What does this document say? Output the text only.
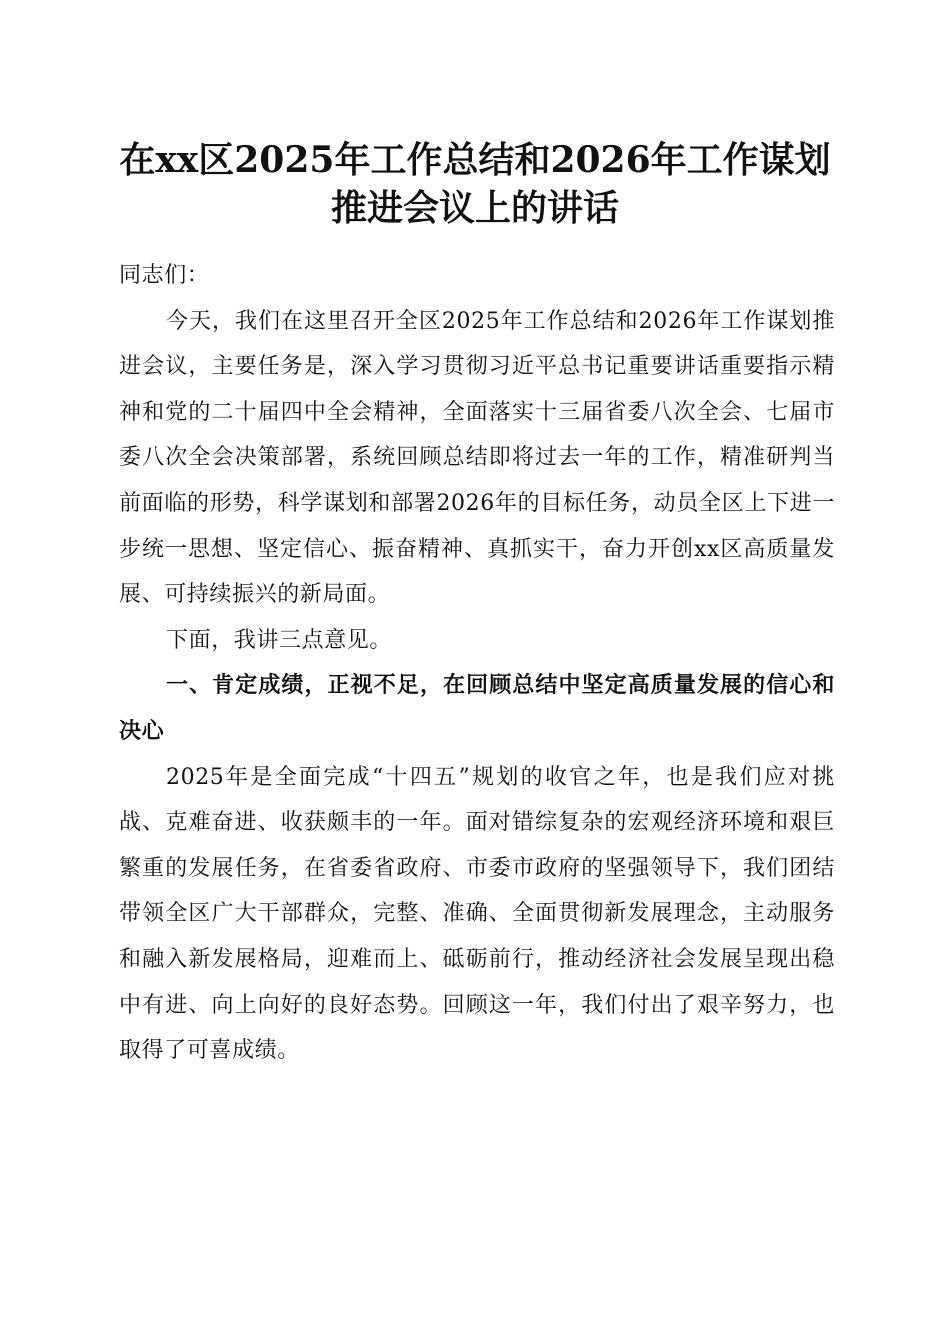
在xx区2025年工作总结和2026年工作谋划
推进会议上的讲话

同志们：

今天，我们在这里召开全区2025年工作总结和2026年工作谋划推进会议，主要任务是，深入学习贯彻习近平总书记重要讲话重要指示精神和党的二十届四中全会精神，全面落实十三届省委八次全会、七届市委八次全会决策部署，系统回顾总结即将过去一年的工作，精准研判当前面临的形势，科学谋划和部署2026年的目标任务，动员全区上下进一步统一思想、坚定信心、振奋精神、真抓实干，奋力开创xx区高质量发展、可持续振兴的新局面。

下面，我讲三点意见。

一、肯定成绩，正视不足，在回顾总结中坚定高质量发展的信心和决心

2025年是全面完成“十四五”规划的收官之年，也是我们应对挑战、克难奋进、收获颇丰的一年。面对错综复杂的宏观经济环境和艰巨繁重的发展任务，在省委省政府、市委市政府的坚强领导下，我们团结带领全区广大干部群众，完整、准确、全面贯彻新发展理念，主动服务和融入新发展格局，迎难而上、砥砺前行，推动经济社会发展呈现出稳中有进、向上向好的良好态势。回顾这一年，我们付出了艰辛努力，也取得了可喜成绩。
